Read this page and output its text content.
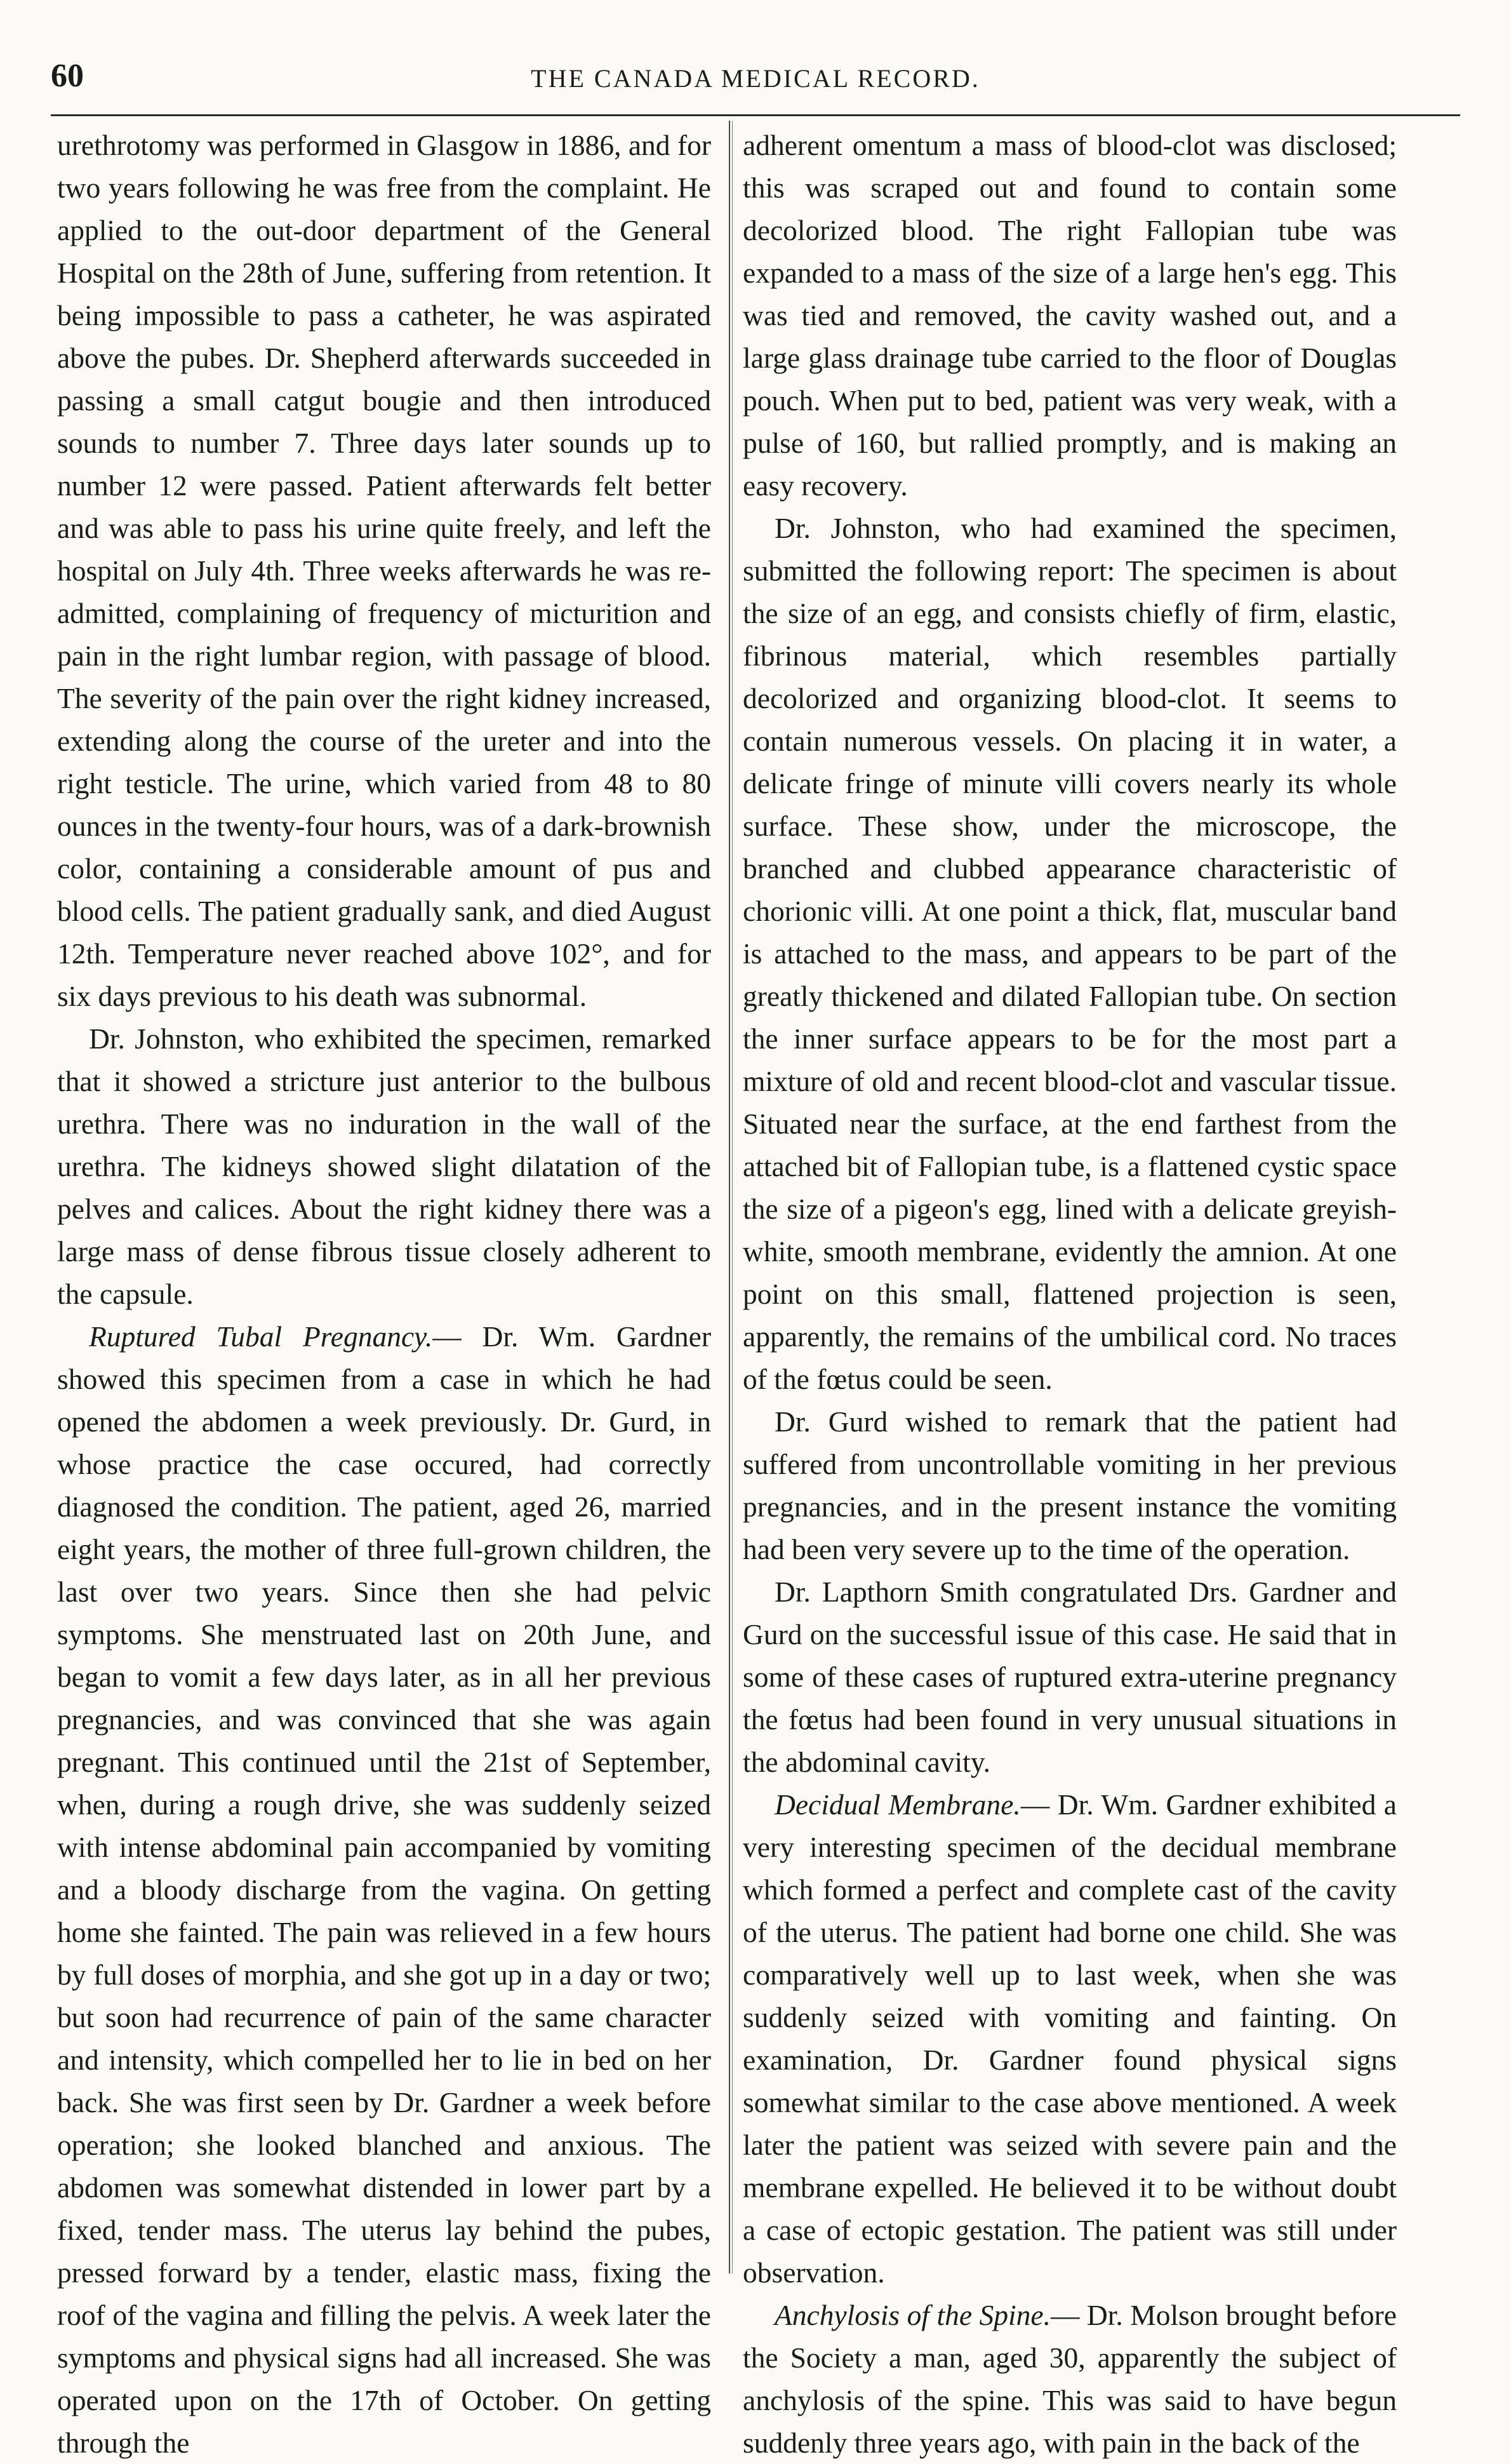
60	THE CANADA MEDICAL RECORD.

urethrotomy was performed in Glasgow in 1886, and for two years following he was free from the complaint. He applied to the out-door department of the General Hospital on the 28th of June, suffering from retention. It being impossible to pass a catheter, he was aspirated above the pubes. Dr. Shepherd afterwards succeeded in passing a small catgut bougie and then introduced sounds to number 7. Three days later sounds up to number 12 were passed. Patient afterwards felt better and was able to pass his urine quite freely, and left the hospital on July 4th. Three weeks afterwards he was re-admitted, complaining of frequency of micturition and pain in the right lumbar region, with passage of blood. The severity of the pain over the right kidney increased, extending along the course of the ureter and into the right testicle. The urine, which varied from 48 to 80 ounces in the twenty-four hours, was of a dark-brownish color, containing a considerable amount of pus and blood cells. The patient gradually sank, and died August 12th. Temperature never reached above 102°, and for six days previous to his death was subnormal.

Dr. Johnston, who exhibited the specimen, remarked that it showed a stricture just anterior to the bulbous urethra. There was no induration in the wall of the urethra. The kidneys showed slight dilatation of the pelves and calices. About the right kidney there was a large mass of dense fibrous tissue closely adherent to the capsule.

Ruptured Tubal Pregnancy.— Dr. Wm. Gardner showed this specimen from a case in which he had opened the abdomen a week previously. Dr. Gurd, in whose practice the case occured, had correctly diagnosed the condition. The patient, aged 26, married eight years, the mother of three full-grown children, the last over two years. Since then she had pelvic symptoms. She menstruated last on 20th June, and began to vomit a few days later, as in all her previous pregnancies, and was convinced that she was again pregnant. This continued until the 21st of September, when, during a rough drive, she was suddenly seized with intense abdominal pain accompanied by vomiting and a bloody discharge from the vagina. On getting home she fainted. The pain was relieved in a few hours by full doses of morphia, and she got up in a day or two; but soon had recurrence of pain of the same character and intensity, which compelled her to lie in bed on her back. She was first seen by Dr. Gardner a week before operation; she looked blanched and anxious. The abdomen was somewhat distended in lower part by a fixed, tender mass. The uterus lay behind the pubes, pressed forward by a tender, elastic mass, fixing the roof of the vagina and filling the pelvis. A week later the symptoms and physical signs had all increased. She was operated upon on the 17th of October. On getting through the

adherent omentum a mass of blood-clot was disclosed; this was scraped out and found to contain some decolorized blood. The right Fallopian tube was expanded to a mass of the size of a large hen's egg. This was tied and removed, the cavity washed out, and a large glass drainage tube carried to the floor of Douglas pouch. When put to bed, patient was very weak, with a pulse of 160, but rallied promptly, and is making an easy recovery.

Dr. Johnston, who had examined the specimen, submitted the following report: The specimen is about the size of an egg, and consists chiefly of firm, elastic, fibrinous material, which resembles partially decolorized and organizing blood-clot. It seems to contain numerous vessels. On placing it in water, a delicate fringe of minute villi covers nearly its whole surface. These show, under the microscope, the branched and clubbed appearance characteristic of chorionic villi. At one point a thick, flat, muscular band is attached to the mass, and appears to be part of the greatly thickened and dilated Fallopian tube. On section the inner surface appears to be for the most part a mixture of old and recent blood-clot and vascular tissue. Situated near the surface, at the end farthest from the attached bit of Fallopian tube, is a flattened cystic space the size of a pigeon's egg, lined with a delicate greyish-white, smooth membrane, evidently the amnion. At one point on this small, flattened projection is seen, apparently, the remains of the umbilical cord. No traces of the fœtus could be seen.

Dr. Gurd wished to remark that the patient had suffered from uncontrollable vomiting in her previous pregnancies, and in the present instance the vomiting had been very severe up to the time of the operation.

Dr. Lapthorn Smith congratulated Drs. Gardner and Gurd on the successful issue of this case. He said that in some of these cases of ruptured extra-uterine pregnancy the fœtus had been found in very unusual situations in the abdominal cavity.

Decidual Membrane.— Dr. Wm. Gardner exhibited a very interesting specimen of the decidual membrane which formed a perfect and complete cast of the cavity of the uterus. The patient had borne one child. She was comparatively well up to last week, when she was suddenly seized with vomiting and fainting. On examination, Dr. Gardner found physical signs somewhat similar to the case above mentioned. A week later the patient was seized with severe pain and the membrane expelled. He believed it to be without doubt a case of ectopic gestation. The patient was still under observation.

Anchylosis of the Spine.— Dr. Molson brought before the Society a man, aged 30, apparently the subject of anchylosis of the spine. This was said to have begun suddenly three years ago, with pain in the back of the
